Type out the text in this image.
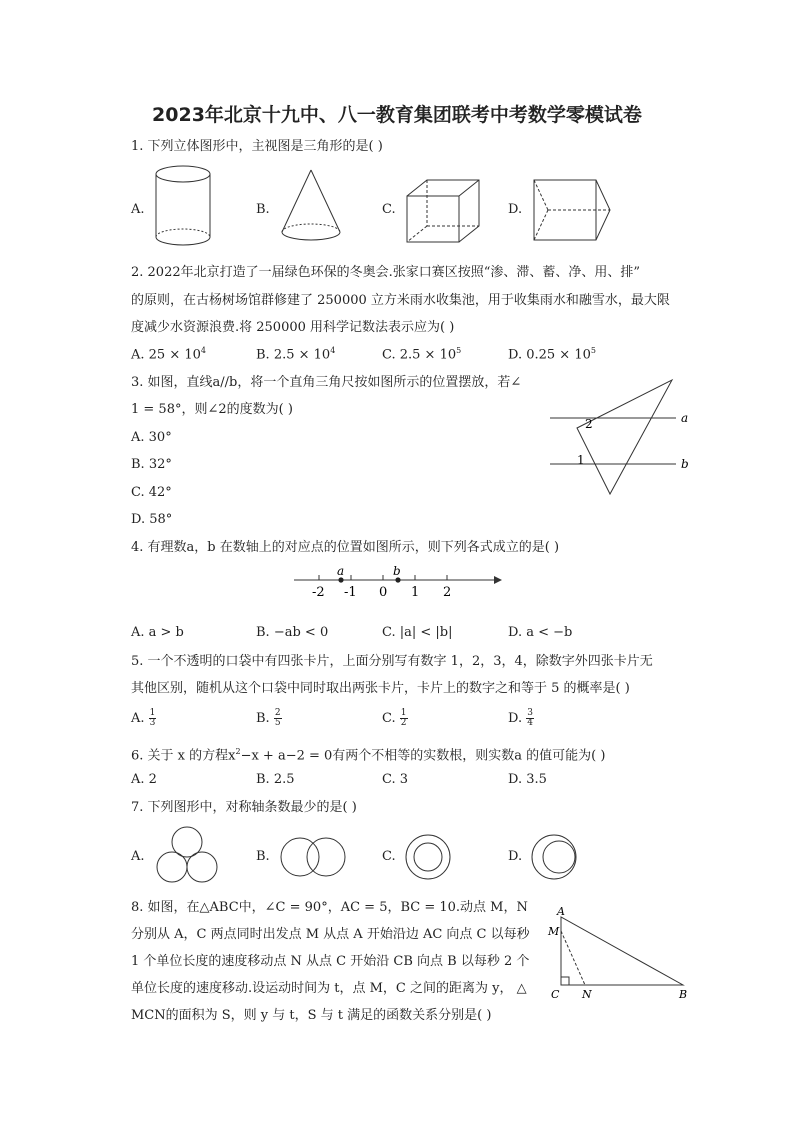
2023年北京十九中、八一教育集团联考中考数学零模试卷
1. 下列立体图形中，主视图是三角形的是( )
A.	B.	C.	D.
2. 2022年北京打造了一届绿色环保的冬奥会.张家口赛区按照“渗、滞、蓄、净、用、排”
的原则，在古杨树场馆群修建了 250000 立方米雨水收集池，用于收集雨水和融雪水，最大限
度减少水资源浪费.将 250000 用科学记数法表示应为( )
A. $25 \times 10^4$	B. $2.5 \times 10^4$	C. $2.5 \times 10^5$	D. $0.25 \times 10^5$
3. 如图，直线a//b，将一个直角三角尺按如图所示的位置摆放，若∠
1 = 58°，则∠2的度数为( )
A. 30°
B. 32°
C. 42°
D. 58°
a
b
2
1
4. 有理数a，b 在数轴上的对应点的位置如图所示，则下列各式成立的是( )
a	b
-2 -1 0 1 2
A. a > b	B. −ab < 0	C. |a| < |b|	D. a < −b
5. 一个不透明的口袋中有四张卡片，上面分别写有数字 1，2，3，4，除数字外四张卡片无
其他区别，随机从这个口袋中同时取出两张卡片，卡片上的数字之和等于 5 的概率是( )
A. $\frac{1}{3}$	B. $\frac{2}{5}$	C. $\frac{1}{2}$	D. $\frac{3}{4}$
6. 关于 x 的方程$x^2-x + a-2 = 0$有两个不相等的实数根，则实数a 的值可能为( )
A. 2	B. 2.5	C. 3	D. 3.5
7. 下列图形中，对称轴条数最少的是( )
A.	B.	C.	D.
8. 如图，在△ABC中，∠C = 90°，AC = 5，BC = 10.动点 M，N
分别从 A，C 两点同时出发点 M 从点 A 开始沿边 AC 向点 C 以每秒
1 个单位长度的速度移动点 N 从点 C 开始沿 CB 向点 B 以每秒 2 个
单位长度的速度移动.设运动时间为 t，点 M，C 之间的距离为 y， △
MCN的面积为 S，则 y 与 t，S 与 t 满足的函数关系分别是( )
A
M
C N	B
